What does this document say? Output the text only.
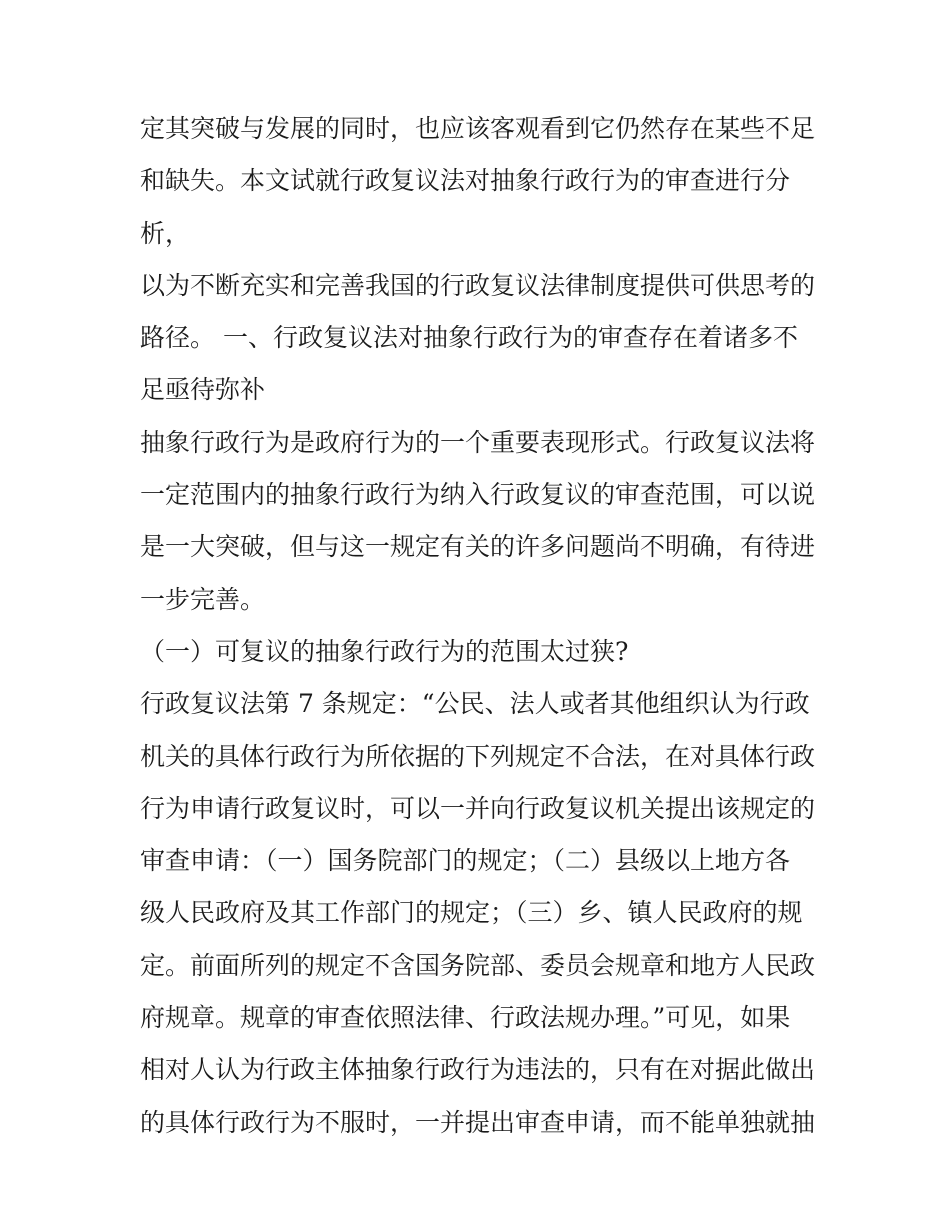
定其突破与发展的同时，也应该客观看到它仍然存在某些不足
和缺失。本文试就行政复议法对抽象行政行为的审查进行分
析，
以为不断充实和完善我国的行政复议法律制度提供可供思考的
路径。 一、行政复议法对抽象行政行为的审查存在着诸多不
足亟待弥补
抽象行政行为是政府行为的一个重要表现形式。行政复议法将
一定范围内的抽象行政行为纳入行政复议的审查范围，可以说
是一大突破，但与这一规定有关的许多问题尚不明确，有待进
一步完善。
（一）可复议的抽象行政行为的范围太过狭?
行政复议法第 7 条规定：“公民、法人或者其他组织认为行政
机关的具体行政行为所依据的下列规定不合法，在对具体行政
行为申请行政复议时，可以一并向行政复议机关提出该规定的
审查申请：（一）国务院部门的规定；（二）县级以上地方各
级人民政府及其工作部门的规定；（三）乡、镇人民政府的规
定。前面所列的规定不含国务院部、委员会规章和地方人民政
府规章。规章的审查依照法律、行政法规办理。”可见，如果
相对人认为行政主体抽象行政行为违法的，只有在对据此做出
的具体行政行为不服时，一并提出审查申请，而不能单独就抽
